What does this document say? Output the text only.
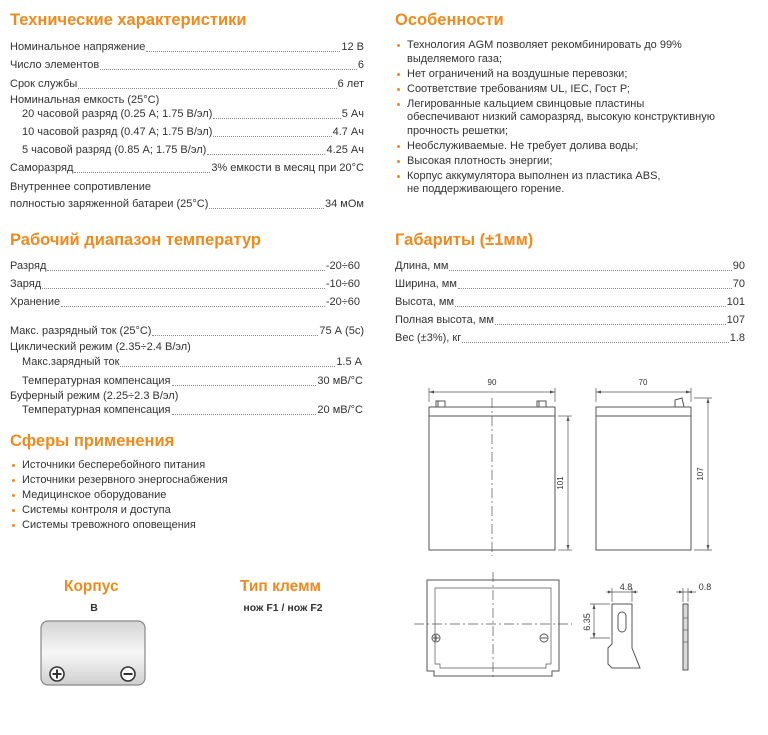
Технические характеристики
Номинальное напряжение	12 В
Число элементов	6
Срок службы	6 лет
Номинальная емкость (25°С)
20 часовой разряд (0.25 А; 1.75 В/эл)	5 Ач
10 часовой разряд (0.47 А; 1.75 В/эл)	4.7 Ач
5 часовой разряд (0.85 А; 1.75 В/эл)	4.25 Ач
Саморазряд	3% емкости в месяц при 20°С
Внутреннее сопротивление
полностью заряженной батареи (25°С)	34 мОм
Рабочий диапазон температур
Разряд	-20÷60
Заряд	-10÷60
Хранение	-20÷60
Макс. разрядный ток (25°С)	75 А (5с)
Циклический режим (2.35÷2.4 В/эл)
Макс.зарядный ток	1.5 А
Температурная компенсация	30 мВ/°С
Буферный режим (2.25÷2.3 В/эл)
Температурная компенсация	20 мВ/°С
Сферы применения
Источники бесперебойного питания
Источники резервного энергоснабжения
Медицинское оборудование
Системы контроля и доступа
Системы тревожного оповещения
Корпус
B
Тип клемм
нож F1 / нож F2
Особенности
Технология AGM позволяет рекомбинировать до 99%
выделяемого газа;
Нет ограничений на воздушные перевозки;
Соответствие требованиям UL, IEC, Гост Р;
Легированные кальцием свинцовые пластины
обеспечивают низкий саморазряд, высокую конструктивную
прочность решетки;
Необслуживаемые. Не требует долива воды;
Высокая плотность энергии;
Корпус аккумулятора выполнен из пластика ABS,
не поддерживающего горение.
Габариты (±1мм)
Длина, мм	90
Ширина, мм	70
Высота, мм	101
Полная высота, мм	107
Вес (±3%), кг	1.8
90
101
70
107
4.8
6.35
0.8
